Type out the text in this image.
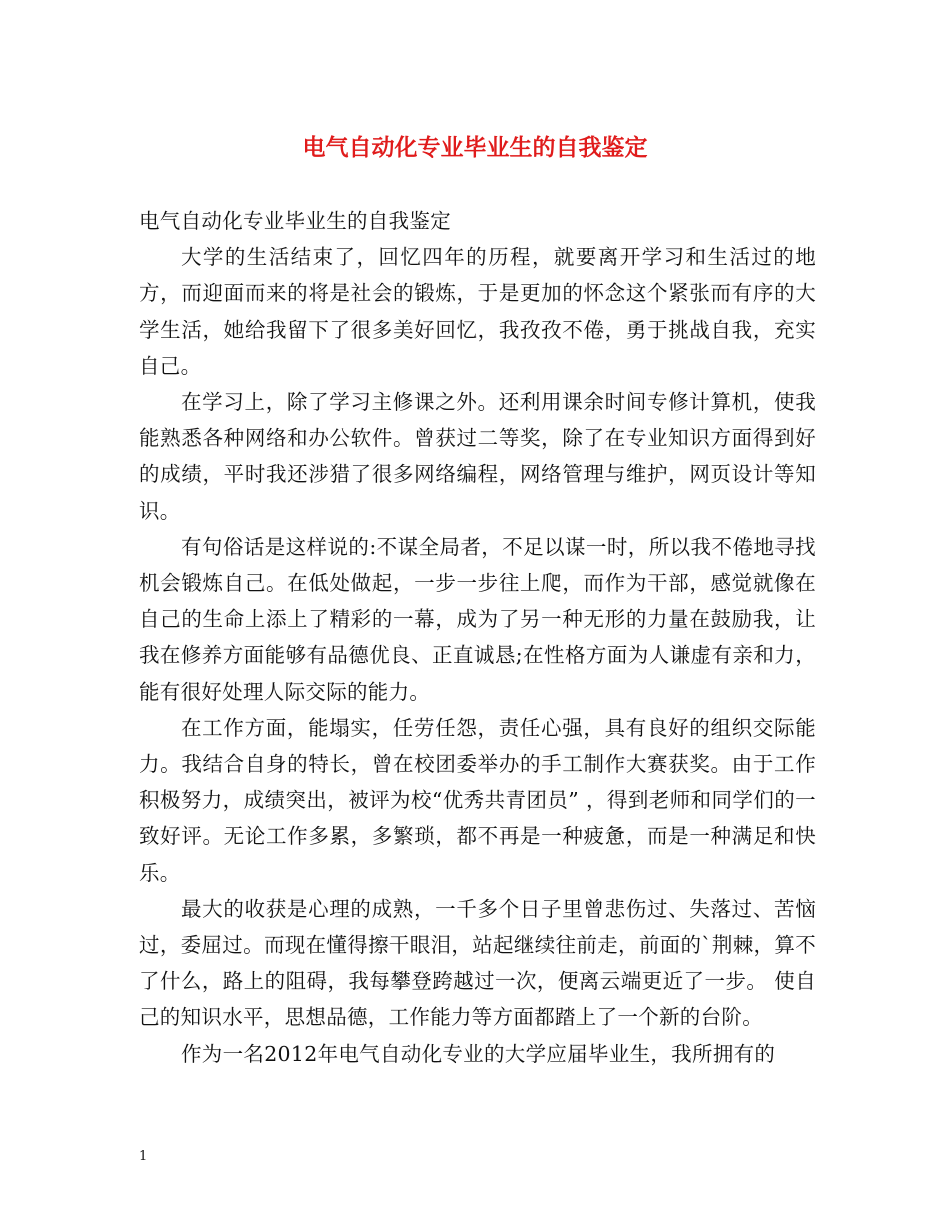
电气自动化专业毕业生的自我鉴定

电气自动化专业毕业生的自我鉴定

大学的生活结束了，回忆四年的历程，就要离开学习和生活过的地方，而迎面而来的将是社会的锻炼，于是更加的怀念这个紧张而有序的大学生活，她给我留下了很多美好回忆，我孜孜不倦，勇于挑战自我，充实自己。

在学习上，除了学习主修课之外。还利用课余时间专修计算机，使我能熟悉各种网络和办公软件。曾获过二等奖，除了在专业知识方面得到好的成绩，平时我还涉猎了很多网络编程，网络管理与维护，网页设计等知识。

有句俗话是这样说的:不谋全局者，不足以谋一时，所以我不倦地寻找机会锻炼自己。在低处做起，一步一步往上爬，而作为干部，感觉就像在自己的生命上添上了精彩的一幕，成为了另一种无形的力量在鼓励我，让我在修养方面能够有品德优良、正直诚恳;在性格方面为人谦虚有亲和力，能有很好处理人际交际的能力。

在工作方面，能塌实，任劳任怨，责任心强，具有良好的组织交际能力。我结合自身的特长，曾在校团委举办的手工制作大赛获奖。由于工作积极努力，成绩突出，被评为校“优秀共青团员” ，得到老师和同学们的一致好评。无论工作多累，多繁琐，都不再是一种疲惫，而是一种满足和快乐。

最大的收获是心理的成熟，一千多个日子里曾悲伤过、失落过、苦恼过，委屈过。而现在懂得擦干眼泪，站起继续往前走，前面的`荆棘，算不了什么，路上的阻碍，我每攀登跨越过一次，便离云端更近了一步。 使自己的知识水平，思想品德，工作能力等方面都踏上了一个新的台阶。

作为一名2012年电气自动化专业的大学应届毕业生，我所拥有的

1
